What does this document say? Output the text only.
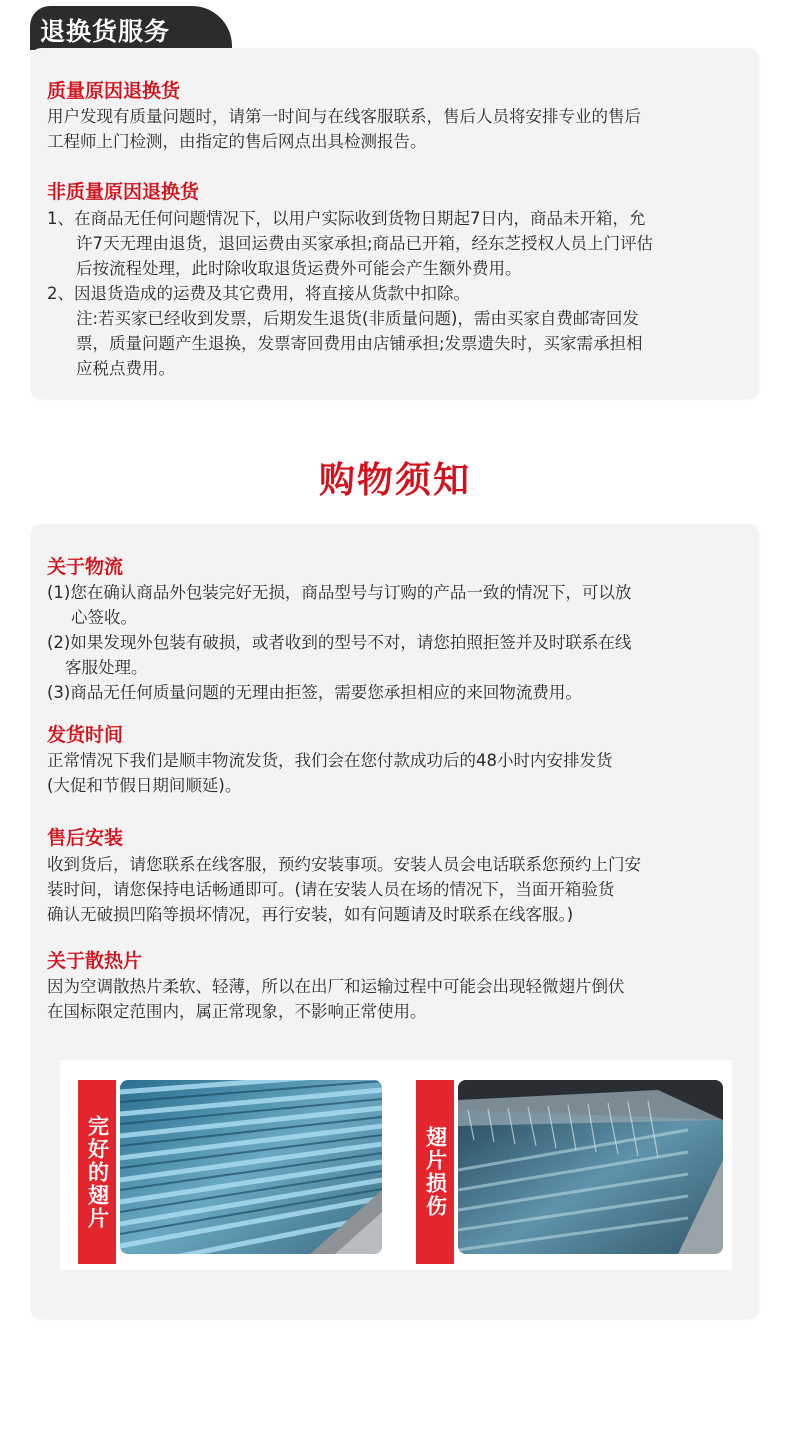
退换货服务
质量原因退换货
用户发现有质量问题时，请第一时间与在线客服联系，售后人员将安排专业的售后
工程师上门检测，由指定的售后网点出具检测报告。
非质量原因退换货
1、在商品无任何问题情况下，以用户实际收到货物日期起7日内，商品未开箱，允
许7天无理由退货，退回运费由买家承担;商品已开箱，经东芝授权人员上门评估
后按流程处理，此时除收取退货运费外可能会产生额外费用。
2、因退货造成的运费及其它费用，将直接从货款中扣除。
注:若买家已经收到发票，后期发生退货(非质量问题)，需由买家自费邮寄回发
票，质量问题产生退换，发票寄回费用由店铺承担;发票遗失时，买家需承担相
应税点费用。
购物须知
关于物流
(1)您在确认商品外包装完好无损，商品型号与订购的产品一致的情况下，可以放
心签收。
(2)如果发现外包装有破损，或者收到的型号不对，请您拍照拒签并及时联系在线
客服处理。
(3)商品无任何质量问题的无理由拒签，需要您承担相应的来回物流费用。
发货时间
正常情况下我们是顺丰物流发货，我们会在您付款成功后的48小时内安排发货
(大促和节假日期间顺延)。
售后安装
收到货后，请您联系在线客服，预约安装事项。安装人员会电话联系您预约上门安
装时间，请您保持电话畅通即可。(请在安装人员在场的情况下，当面开箱验货
确认无破损凹陷等损坏情况，再行安装，如有问题请及时联系在线客服。)
关于散热片
因为空调散热片柔软、轻薄，所以在出厂和运输过程中可能会出现轻微翅片倒伏
在国标限定范围内，属正常现象，不影响正常使用。
完好的翅片	翅片损伤
